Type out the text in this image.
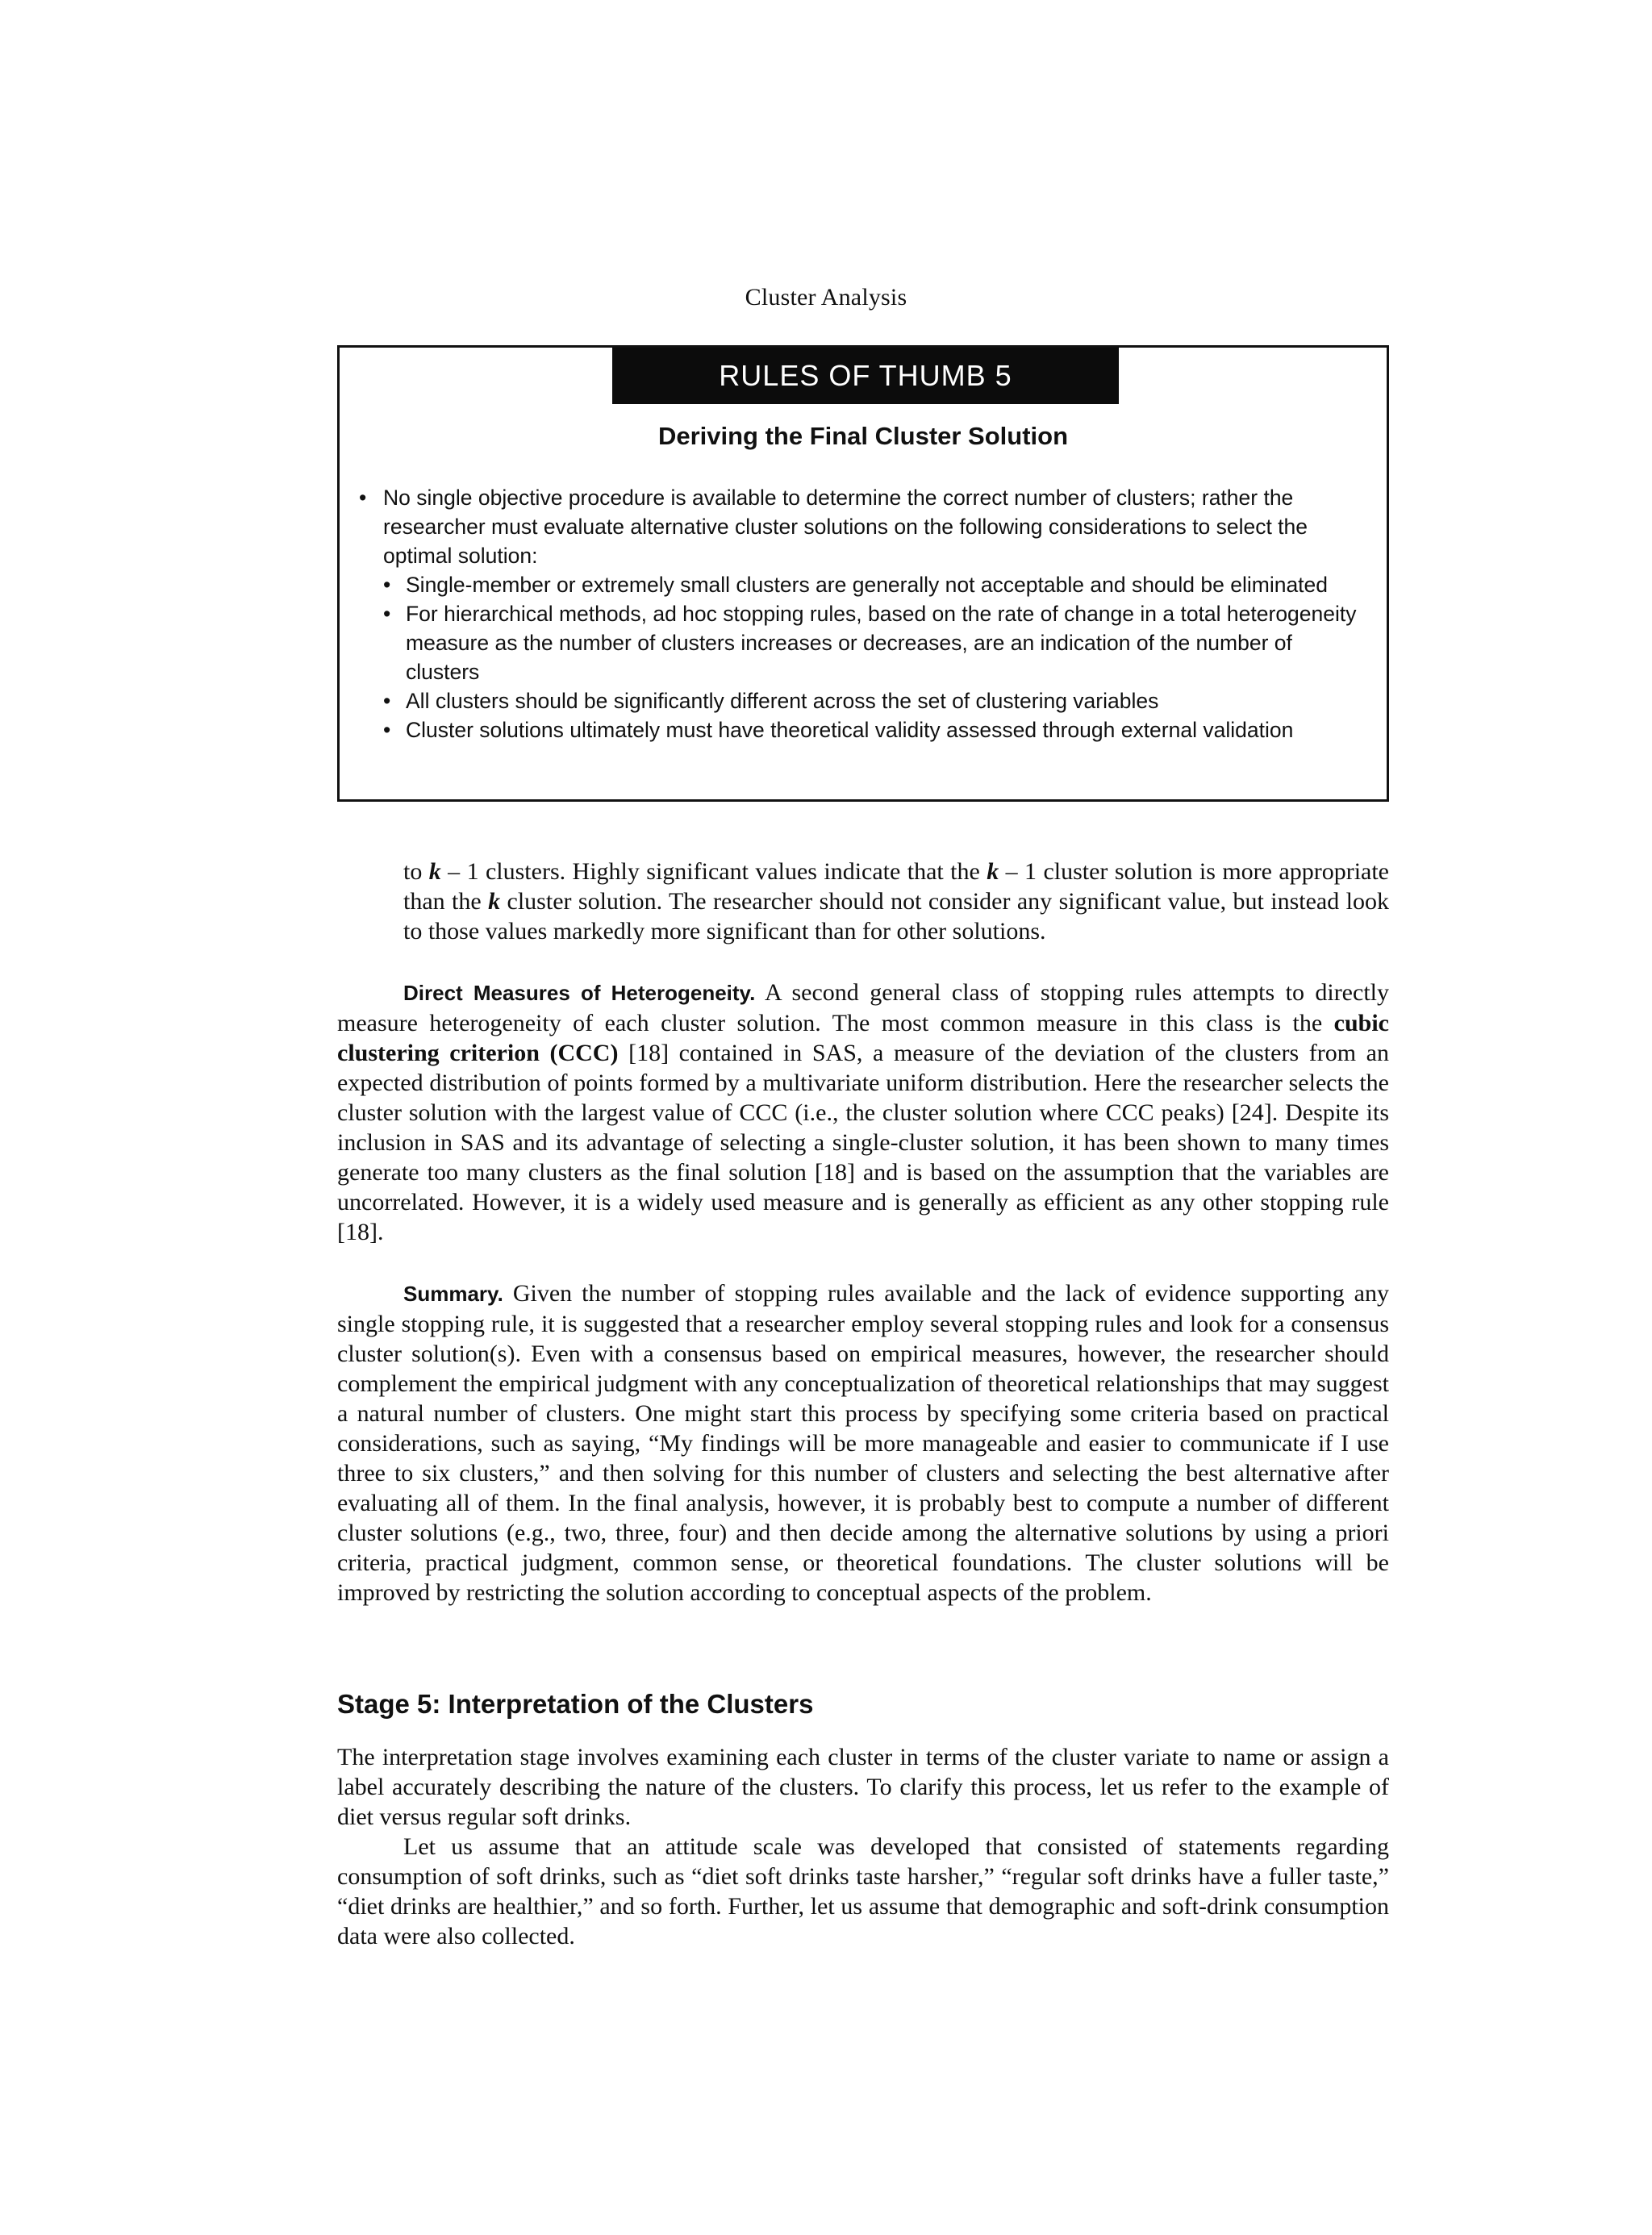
Cluster Analysis
RULES OF THUMB 5
Deriving the Final Cluster Solution
• No single objective procedure is available to determine the correct number of clusters; rather the researcher must evaluate alternative cluster solutions on the following considerations to select the optimal solution:
• Single-member or extremely small clusters are generally not acceptable and should be eliminated
• For hierarchical methods, ad hoc stopping rules, based on the rate of change in a total heterogeneity measure as the number of clusters increases or decreases, are an indication of the number of clusters
• All clusters should be significantly different across the set of clustering variables
• Cluster solutions ultimately must have theoretical validity assessed through external validation
to k – 1 clusters. Highly significant values indicate that the k – 1 cluster solution is more appropriate than the k cluster solution. The researcher should not consider any significant value, but instead look to those values markedly more significant than for other solutions.
Direct Measures of Heterogeneity. A second general class of stopping rules attempts to directly measure heterogeneity of each cluster solution. The most common measure in this class is the cubic clustering criterion (CCC) [18] contained in SAS, a measure of the deviation of the clusters from an expected distribution of points formed by a multivariate uniform distribution. Here the researcher selects the cluster solution with the largest value of CCC (i.e., the cluster solution where CCC peaks) [24]. Despite its inclusion in SAS and its advantage of selecting a single-cluster solution, it has been shown to many times generate too many clusters as the final solution [18] and is based on the assumption that the variables are uncorrelated. However, it is a widely used measure and is generally as efficient as any other stopping rule [18].
Summary. Given the number of stopping rules available and the lack of evidence supporting any single stopping rule, it is suggested that a researcher employ several stopping rules and look for a consensus cluster solution(s). Even with a consensus based on empirical measures, however, the researcher should complement the empirical judgment with any conceptualization of theoretical relationships that may suggest a natural number of clusters. One might start this process by specifying some criteria based on practical considerations, such as saying, “My findings will be more manageable and easier to communicate if I use three to six clusters,” and then solving for this number of clusters and selecting the best alternative after evaluating all of them. In the final analysis, however, it is probably best to compute a number of different cluster solutions (e.g., two, three, four) and then decide among the alternative solutions by using a priori criteria, practical judgment, common sense, or theoretical foundations. The cluster solutions will be improved by restricting the solution according to conceptual aspects of the problem.
Stage 5: Interpretation of the Clusters
The interpretation stage involves examining each cluster in terms of the cluster variate to name or assign a label accurately describing the nature of the clusters. To clarify this process, let us refer to the example of diet versus regular soft drinks.
Let us assume that an attitude scale was developed that consisted of statements regarding consumption of soft drinks, such as “diet soft drinks taste harsher,” “regular soft drinks have a fuller taste,” “diet drinks are healthier,” and so forth. Further, let us assume that demographic and soft-drink consumption data were also collected.
